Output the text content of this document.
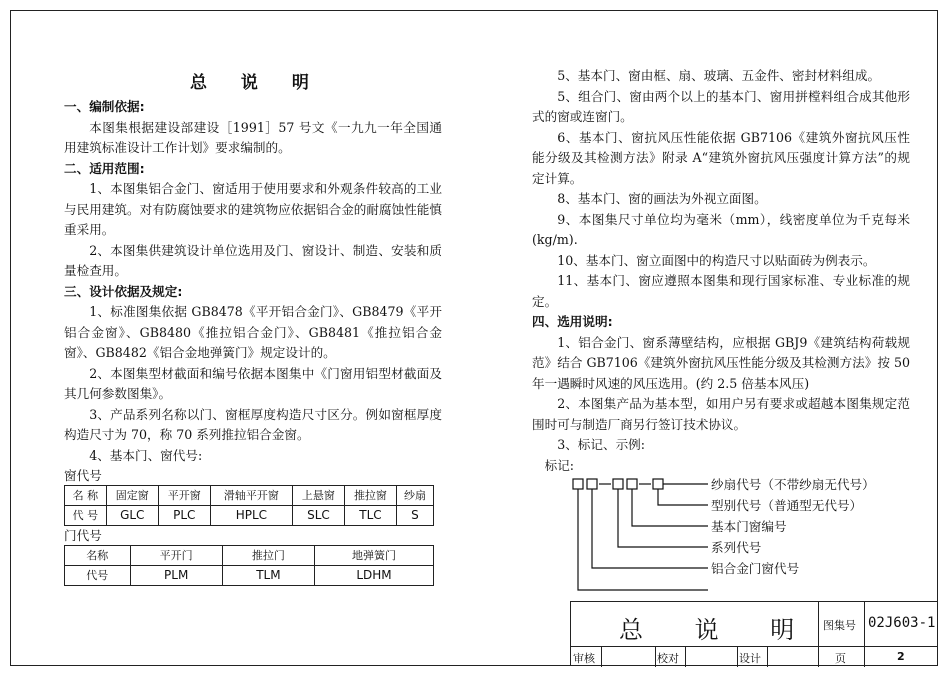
总 说 明

一、编制依据:

本图集根据建设部建设［1991］57 号文《一九九一年全国通用建筑标准设计工作计划》要求编制的。

二、适用范围:

1、本图集铝合金门、窗适用于使用要求和外观条件较高的工业与民用建筑。对有防腐蚀要求的建筑物应依据铝合金的耐腐蚀性能慎重采用。

2、本图集供建筑设计单位选用及门、窗设计、制造、安装和质量检查用。

三、设计依据及规定:

1、标准图集依据 GB8478《平开铝合金门》、GB8479《平开铝合金窗》、GB8480《推拉铝合金门》、GB8481《推拉铝合金窗》、GB8482《铝合金地弹簧门》规定设计的。

2、本图集型材截面和编号依据本图集中《门窗用铝型材截面及其几何参数图集》。

3、产品系列名称以门、窗框厚度构造尺寸区分。例如窗框厚度构造尺寸为 70，称 70 系列推拉铝合金窗。

4、基本门、窗代号:

窗代号

名 称	固定窗	平开窗	滑轴平开窗	上悬窗	推拉窗	纱扇
代 号	GLC	PLC	HPLC	SLC	TLC	S

门代号

名称	平开门	推拉门	地弹簧门
代号	PLM	TLM	LDHM

5、基本门、窗由框、扇、玻璃、五金件、密封材料组成。

5、组合门、窗由两个以上的基本门、窗用拼樘料组合成其他形式的窗或连窗门。

6、基本门、窗抗风压性能依据 GB7106《建筑外窗抗风压性能分级及其检测方法》附录 A“建筑外窗抗风压强度计算方法”的规定计算。

8、基本门、窗的画法为外视立面图。

9、本图集尺寸单位均为毫米（mm），线密度单位为千克每米(kg/m).

10、基本门、窗立面图中的构造尺寸以贴面砖为例表示。

11、基本门、窗应遵照本图集和现行国家标准、专业标准的规定。

四、选用说明:

1、铝合金门、窗系薄壁结构，应根据 GBJ9《建筑结构荷载规范》结合 GB7106《建筑外窗抗风压性能分级及其检测方法》按 50 年一遇瞬时风速的风压选用。(约 2.5 倍基本风压)

2、本图集产品为基本型，如用户另有要求或超越本图集规定范围时可与制造厂商另行签订技术协议。

3、标记、示例:

标记:

纱扇代号（不带纱扇无代号）
型别代号（普通型无代号）
基本门窗编号
系列代号
铝合金门窗代号
总 说 明 图集号 02J603-1
审核	校对	设计	页	2
